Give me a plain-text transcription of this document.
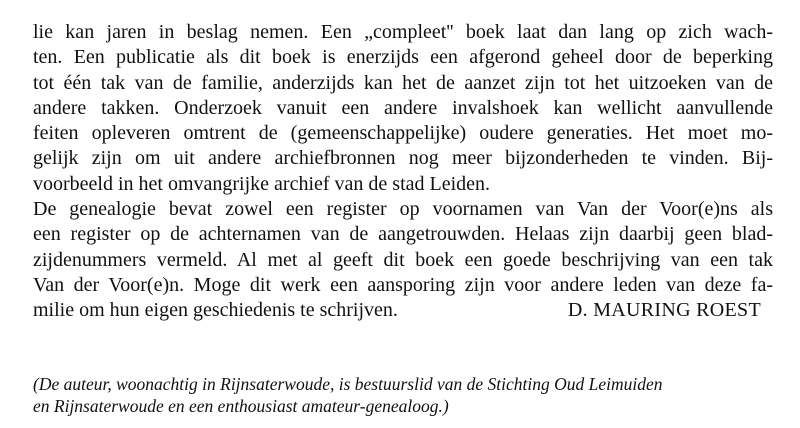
lie kan jaren in beslag nemen. Een „compleet'' boek laat dan lang op zich wach-
ten. Een publicatie als dit boek is enerzijds een afgerond geheel door de beperking
tot één tak van de familie, anderzijds kan het de aanzet zijn tot het uitzoeken van de
andere takken. Onderzoek vanuit een andere invalshoek kan wellicht aanvullende
feiten opleveren omtrent de (gemeenschappelijke) oudere generaties. Het moet mo-
gelijk zijn om uit andere archiefbronnen nog meer bijzonderheden te vinden. Bij-
voorbeeld in het omvangrijke archief van de stad Leiden.
De genealogie bevat zowel een register op voornamen van Van der Voor(e)ns als
een register op de achternamen van de aangetrouwden. Helaas zijn daarbij geen blad-
zijdenummers vermeld. Al met al geeft dit boek een goede beschrijving van een tak
Van der Voor(e)n. Moge dit werk een aansporing zijn voor andere leden van deze fa-
milie om hun eigen geschiedenis te schrijven.	D. MAURING ROEST
(De auteur, woonachtig in Rijnsaterwoude, is bestuurslid van de Stichting Oud Leimuiden
en Rijnsaterwoude en een enthousiast amateur-genealoog.)
